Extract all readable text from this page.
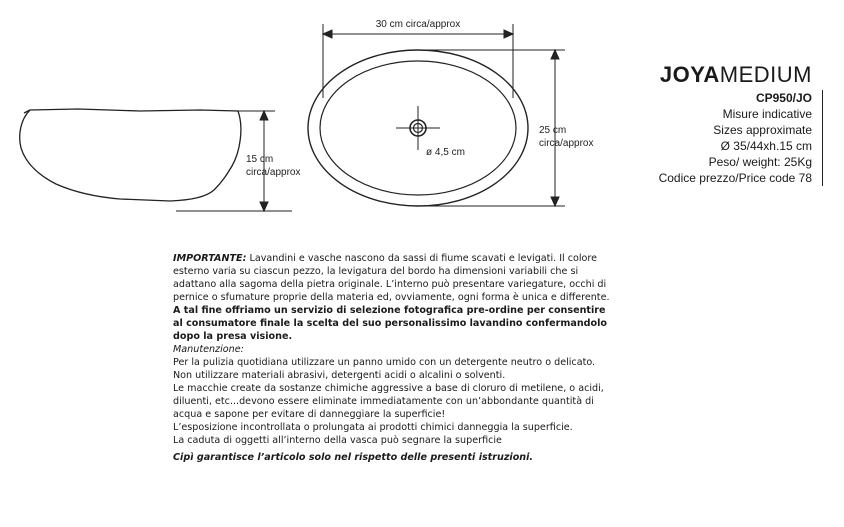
15 cm
circa/approx
ø 4,5 cm
30 cm circa/approx
25 cm
circa/approx
JOYAMEDIUM
CP950/JO
Misure indicative
Sizes approximate
Ø 35/44xh.15 cm
Peso/ weight: 25Kg
Codice prezzo/Price code 78

IMPORTANTE: Lavandini e vasche nascono da sassi di fiume scavati e levigati. Il colore esterno varia su ciascun pezzo, la levigatura del bordo ha dimensioni variabili che si adattano alla sagoma della pietra originale. L’interno può presentare variegature, occhi di pernice o sfumature proprie della materia ed, ovviamente, ogni forma è unica e differente.

A tal fine offriamo un servizio di selezione fotografica pre-ordine per consentire al consumatore finale la scelta del suo personalissimo lavandino confermandolo dopo la presa visione.

Manutenzione:

Per la pulizia quotidiana utilizzare un panno umido con un detergente neutro o delicato. Non utilizzare materiali abrasivi, detergenti acidi o alcalini o solventi.

Le macchie create da sostanze chimiche aggressive a base di cloruro di metilene, o acidi, diluenti, etc...devono essere eliminate immediatamente con un’abbondante quantità di acqua e sapone per evitare di danneggiare la superficie!

L’esposizione incontrollata o prolungata ai prodotti chimici danneggia la superficie.

La caduta di oggetti all’interno della vasca può segnare la superficie

Cipì garantisce l’articolo solo nel rispetto delle presenti istruzioni.
